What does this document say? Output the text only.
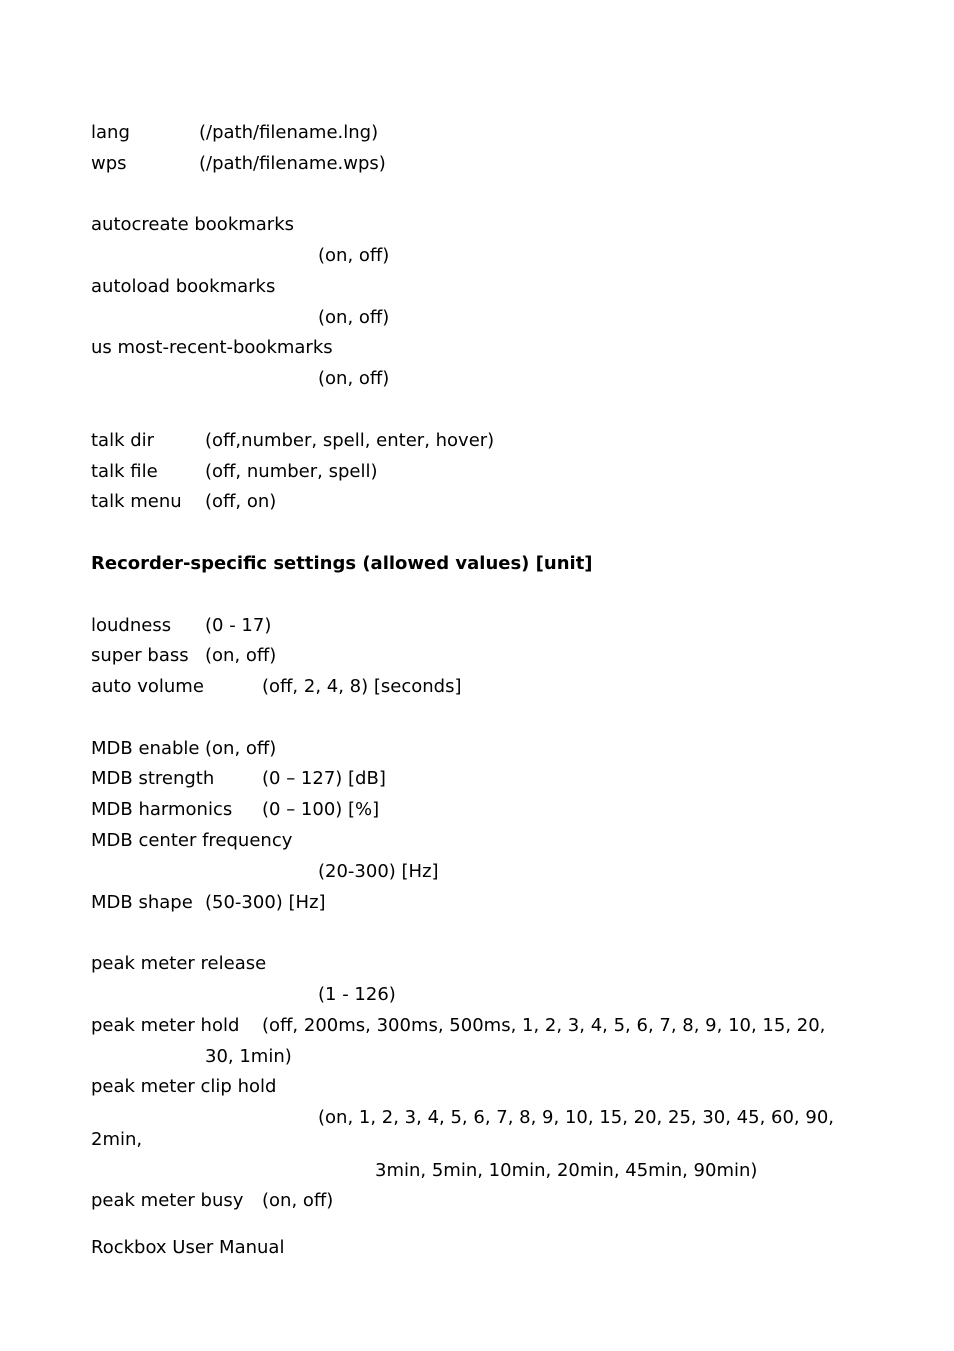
lang	(/path/filename.lng)
wps	(/path/filename.wps)
autocreate bookmarks
(on, off)
autoload bookmarks
(on, off)
us most-recent-bookmarks
(on, off)
talk dir	(off,number, spell, enter, hover)
talk file	(off, number, spell)
talk menu (off, on)
Recorder-specific settings (allowed values) [unit]
loudness (0 - 17)
super bass (on, off)
auto volume	(off, 2, 4, 8) [seconds]
MDB enable (on, off)
MDB strength	(0 – 127) [dB]
MDB harmonics (0 – 100) [%]
MDB center frequency
(20-300) [Hz]
MDB shape (50-300) [Hz]
peak meter release
(1 - 126)
peak meter hold (off, 200ms, 300ms, 500ms, 1, 2, 3, 4, 5, 6, 7, 8, 9, 10, 15, 20,
30, 1min)
peak meter clip hold
(on, 1, 2, 3, 4, 5, 6, 7, 8, 9, 10, 15, 20, 25, 30, 45, 60, 90,
2min,
3min, 5min, 10min, 20min, 45min, 90min)
peak meter busy (on, off)
Rockbox User Manual
